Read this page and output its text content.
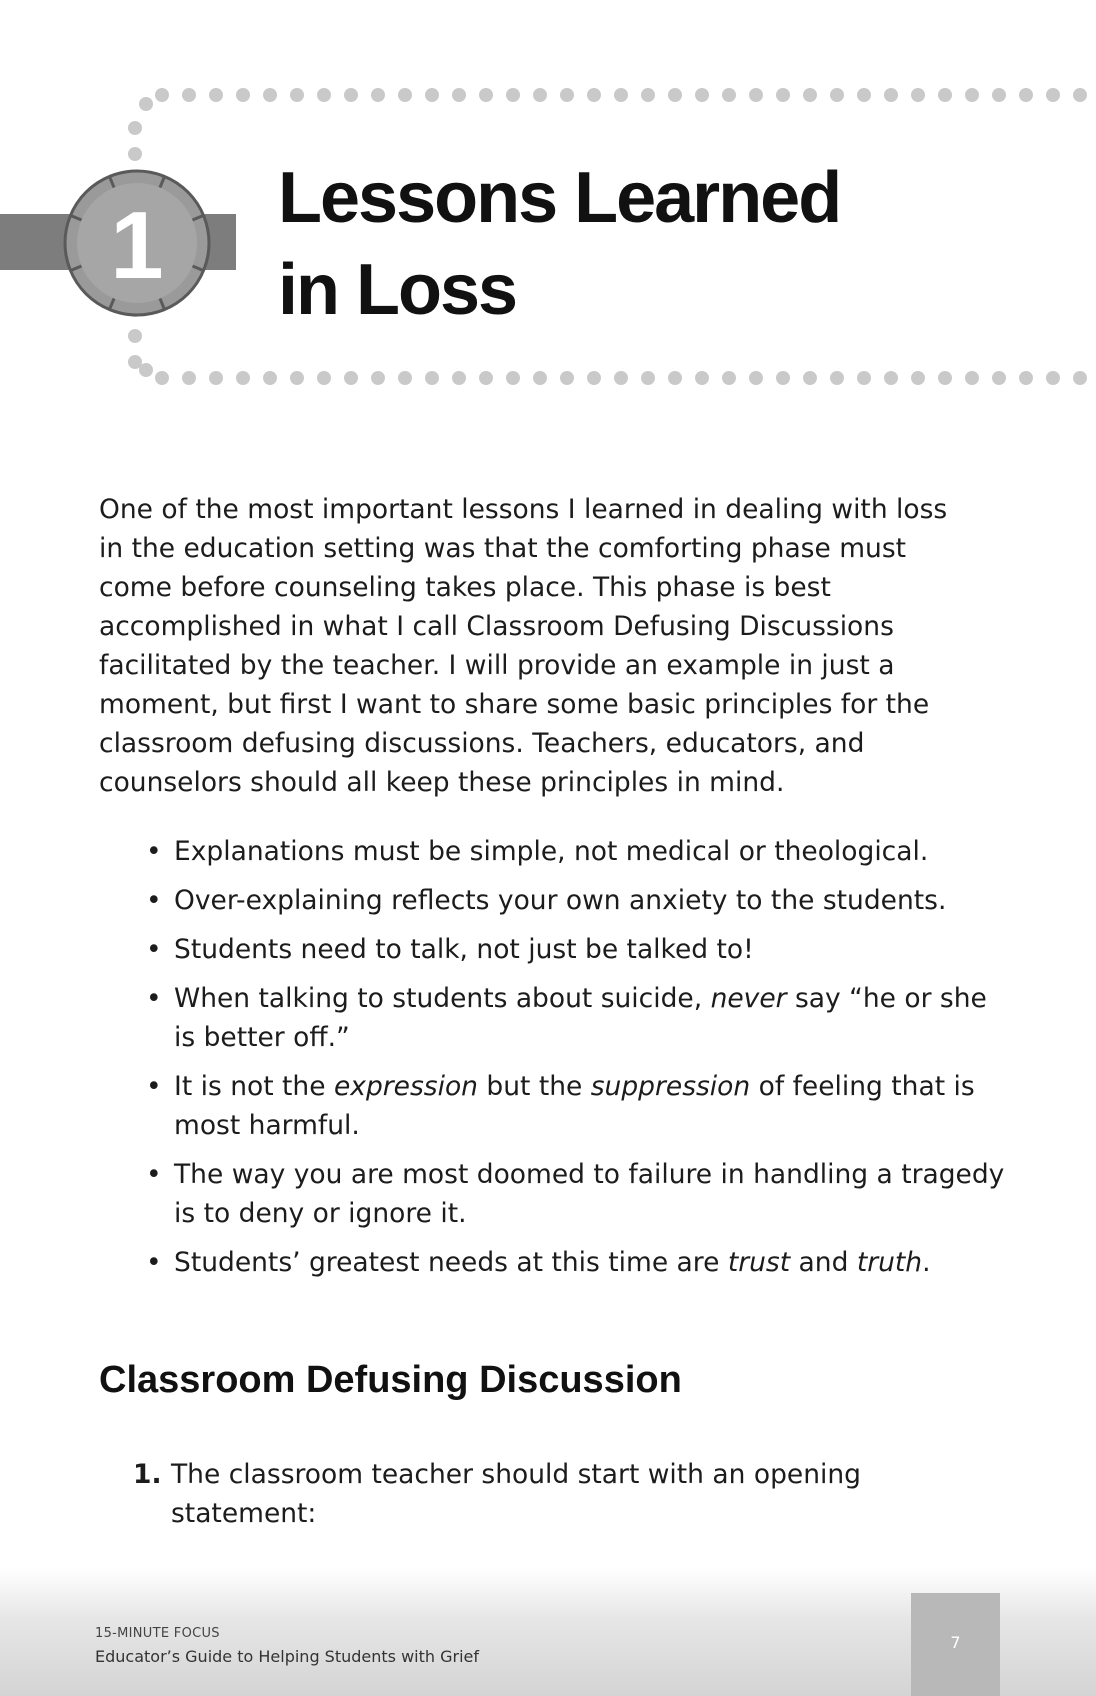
1 Lessons Learned
in Loss

One of the most important lessons I learned in dealing with loss in the education setting was that the comforting phase must come before counseling takes place. This phase is best accomplished in what I call Classroom Defusing Discussions facilitated by the teacher. I will provide an example in just a moment, but first I want to share some basic principles for the classroom defusing discussions. Teachers, educators, and counselors should all keep these principles in mind.

• Explanations must be simple, not medical or theological.
• Over-explaining reflects your own anxiety to the students.
• Students need to talk, not just be talked to!
• When talking to students about suicide, never say “he or she is better off.”
• It is not the expression but the suppression of feeling that is most harmful.
• The way you are most doomed to failure in handling a tragedy is to deny or ignore it.
• Students’ greatest needs at this time are trust and truth.
Classroom Defusing Discussion
1. The classroom teacher should start with an opening statement:
15-MINUTE FOCUS
Educator’s Guide to Helping Students with Grief
7
